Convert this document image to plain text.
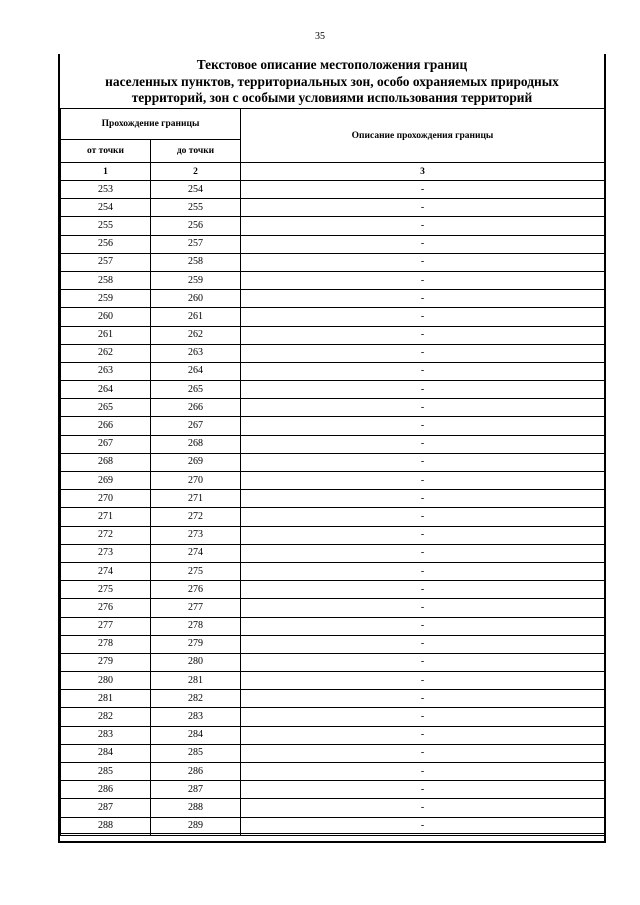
35
Текстовое описание местоположения границ
населенных пунктов, территориальных зон, особо охраняемых природных
территорий, зон с особыми условиями использования территорий
Прохождение границы		Описание прохождения границы
от точки	до точки	
1	2	3
253	254	-
254	255	-
255	256	-
256	257	-
257	258	-
258	259	-
259	260	-
260	261	-
261	262	-
262	263	-
263	264	-
264	265	-
265	266	-
266	267	-
267	268	-
268	269	-
269	270	-
270	271	-
271	272	-
272	273	-
273	274	-
274	275	-
275	276	-
276	277	-
277	278	-
278	279	-
279	280	-
280	281	-
281	282	-
282	283	-
283	284	-
284	285	-
285	286	-
286	287	-
287	288	-
288	289	-
